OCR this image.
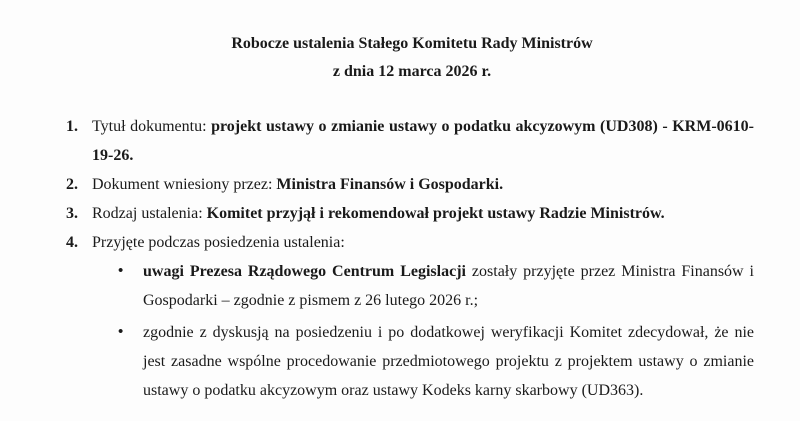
Robocze ustalenia Stałego Komitetu Rady Ministrów
z dnia 12 marca 2026 r.
1. Tytuł dokumentu: projekt ustawy o zmianie ustawy o podatku akcyzowym (UD308) - KRM-0610-19-26.
2. Dokument wniesiony przez: Ministra Finansów i Gospodarki.
3. Rodzaj ustalenia: Komitet przyjął i rekomendował projekt ustawy Radzie Ministrów.
4. Przyjęte podczas posiedzenia ustalenia:
•	uwagi Prezesa Rządowego Centrum Legislacji zostały przyjęte przez Ministra Finansów i Gospodarki – zgodnie z pismem z 26 lutego 2026 r.;
•	zgodnie z dyskusją na posiedzeniu i po dodatkowej weryfikacji Komitet zdecydował, że nie jest zasadne wspólne procedowanie przedmiotowego projektu z projektem ustawy o zmianie ustawy o podatku akcyzowym oraz ustawy Kodeks karny skarbowy (UD363).
